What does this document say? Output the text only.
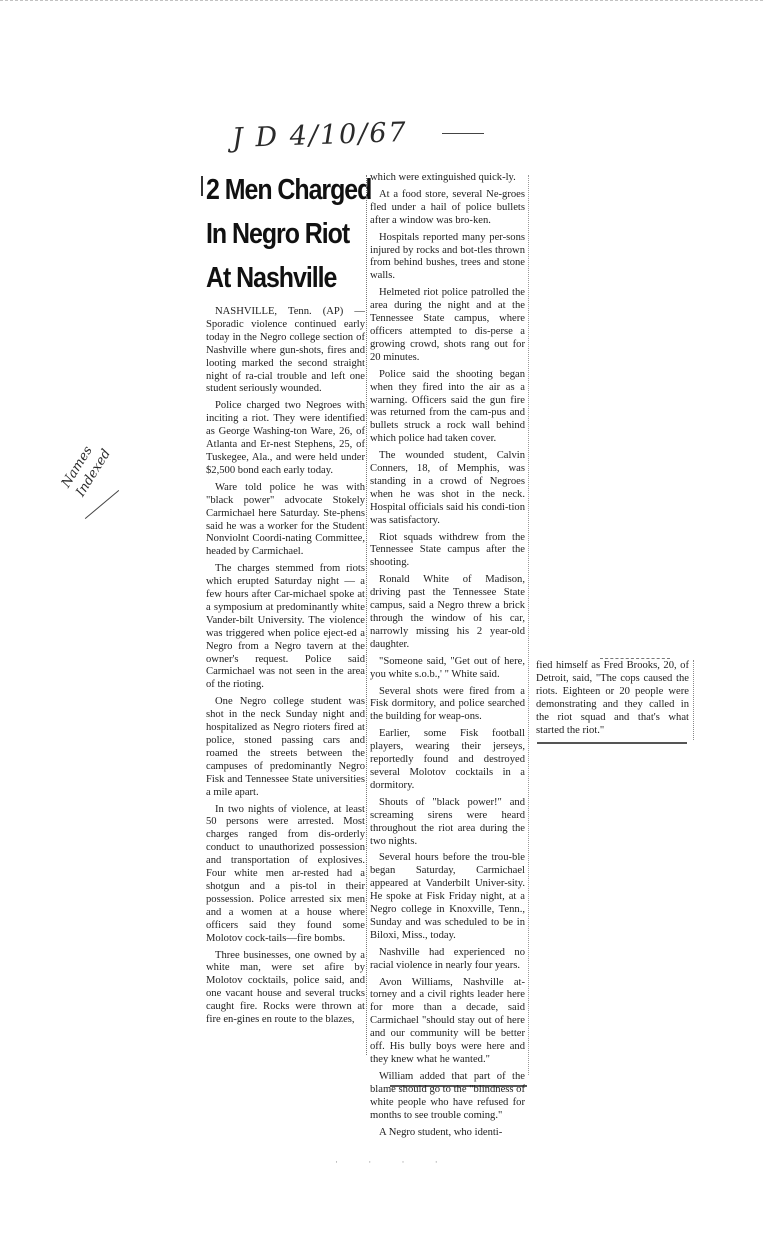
J D 4/10/67
Names Indexed
2 Men Charged
In Negro Riot
At Nashville

NASHVILLE, Tenn. (AP) — Sporadic violence continued early today in the Negro college section of Nashville where gun-shots, fires and looting marked the second straight night of ra-cial trouble and left one student seriously wounded.

Police charged two Negroes with inciting a riot. They were identified as George Washing-ton Ware, 26, of Atlanta and Er-nest Stephens, 25, of Tuskegee, Ala., and were held under $2,500 bond each early today.

Ware told police he was with "black power" advocate Stokely Carmichael here Saturday. Ste-phens said he was a worker for the Student Nonviolnt Coordi-nating Committee, headed by Carmichael.

The charges stemmed from riots which erupted Saturday night — a few hours after Car-michael spoke at a symposium at predominantly white Vander-bilt University. The violence was triggered when police eject-ed a Negro from a Negro tavern at the owner's request. Police said Carmichael was not seen in the area of the rioting.

One Negro college student was shot in the neck Sunday night and hospitalized as Negro rioters fired at police, stoned passing cars and roamed the streets between the campuses of predominantly Negro Fisk and Tennessee State universities a mile apart.

In two nights of violence, at least 50 persons were arrested. Most charges ranged from dis-orderly conduct to unauthorized possession and transportation of explosives. Four white men ar-rested had a shotgun and a pis-tol in their possession. Police arrested six men and a women at a house where officers said they found some Molotov cock-tails—fire bombs.

Three businesses, one owned by a white man, were set afire by Molotov cocktails, police said, and one vacant house and several trucks caught fire. Rocks were thrown at fire en-gines en route to the blazes,

which were extinguished quick-ly.

At a food store, several Ne-groes fled under a hail of police bullets after a window was bro-ken.

Hospitals reported many per-sons injured by rocks and bot-tles thrown from behind bushes, trees and stone walls.

Helmeted riot police patrolled the area during the night and at the Tennessee State campus, where officers attempted to dis-perse a growing crowd, shots rang out for 20 minutes.

Police said the shooting began when they fired into the air as a warning. Officers said the gun fire was returned from the cam-pus and bullets struck a rock wall behind which police had taken cover.

The wounded student, Calvin Conners, 18, of Memphis, was standing in a crowd of Negroes when he was shot in the neck. Hospital officials said his condi-tion was satisfactory.

Riot squads withdrew from the Tennessee State campus after the shooting.

Ronald White of Madison, driving past the Tennessee State campus, said a Negro threw a brick through the window of his car, narrowly missing his 2 year-old daughter.

"Someone said, "Get out of here, you white s.o.b.,' " White said.

Several shots were fired from a Fisk dormitory, and police searched the building for weap-ons.

Earlier, some Fisk football players, wearing their jerseys, reportedly found and destroyed several Molotov cocktails in a dormitory.

Shouts of "black power!" and screaming sirens were heard throughout the riot area during the two nights.

Several hours before the trou-ble began Saturday, Carmichael appeared at Vanderbilt Univer-sity. He spoke at Fisk Friday night, at a Negro college in Knoxville, Tenn., Sunday and was scheduled to be in Biloxi, Miss., today.

Nashville had experienced no racial violence in nearly four years.

Avon Williams, Nashville at-torney and a civil rights leader here for more than a decade, said Carmichael "should stay out of here and our community will be better off. His bully boys were here and they knew what he wanted."

William added that part of the blame should go to the "blindness of white people who have refused for months to see trouble coming."

A Negro student, who identi-

fied himself as Fred Brooks, 20, of Detroit, said, "The cops caused the riots. Eighteen or 20 people were demonstrating and they called in the riot squad and that's what started the riot."

· · · ·
